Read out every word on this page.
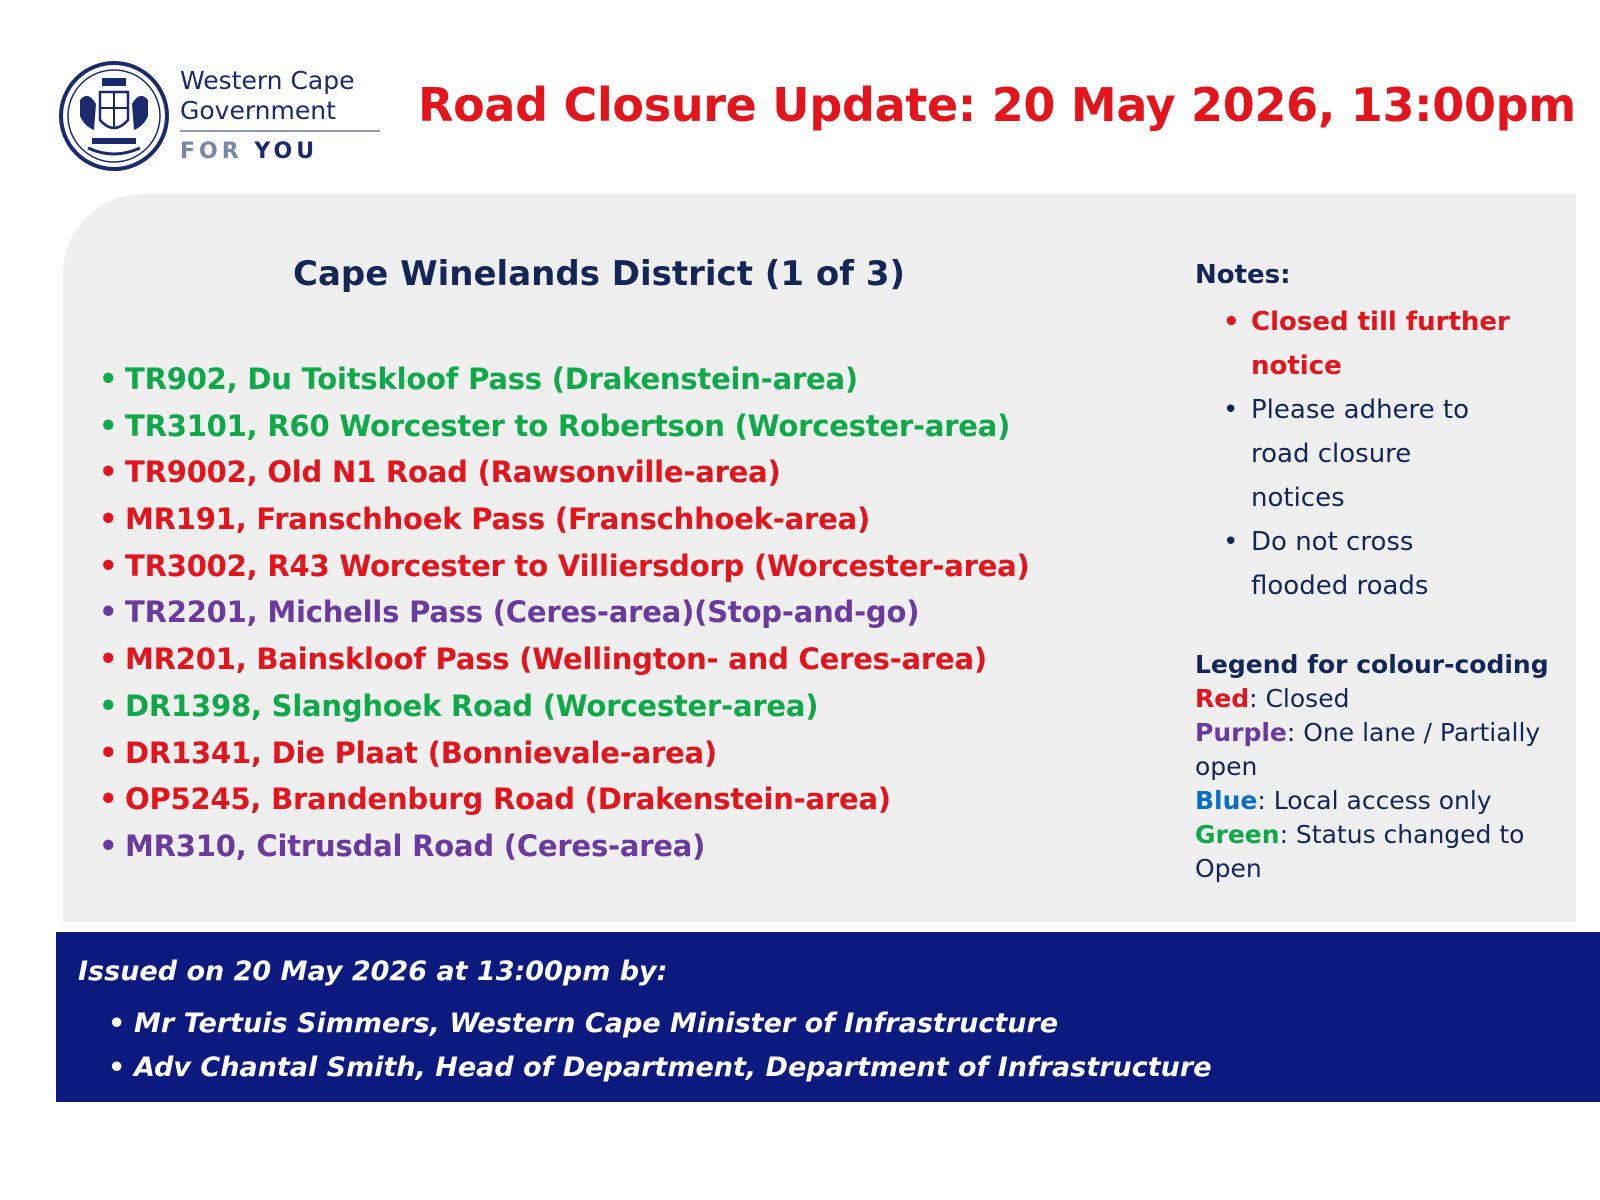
Western Cape
Government
FOR YOU
Road Closure Update: 20 May 2026, 13:00pm
Cape Winelands District (1 of 3)
• TR902, Du Toitskloof Pass (Drakenstein-area)
• TR3101, R60 Worcester to Robertson (Worcester-area)
• TR9002, Old N1 Road (Rawsonville-area)
• MR191, Franschhoek Pass (Franschhoek-area)
• TR3002, R43 Worcester to Villiersdorp (Worcester-area)
• TR2201, Michells Pass (Ceres-area)(Stop-and-go)
• MR201, Bainskloof Pass (Wellington- and Ceres-area)
• DR1398, Slanghoek Road (Worcester-area)
• DR1341, Die Plaat (Bonnievale-area)
• OP5245, Brandenburg Road (Drakenstein-area)
• MR310, Citrusdal Road (Ceres-area)
Notes:
• Closed till further
notice
• Please adhere to
road closure
notices
• Do not cross
flooded roads
Legend for colour-coding
Red: Closed
Purple: One lane / Partially
open
Blue: Local access only
Green: Status changed to
Open
Issued on 20 May 2026 at 13:00pm by:
• Mr Tertuis Simmers, Western Cape Minister of Infrastructure
• Adv Chantal Smith, Head of Department, Department of Infrastructure
